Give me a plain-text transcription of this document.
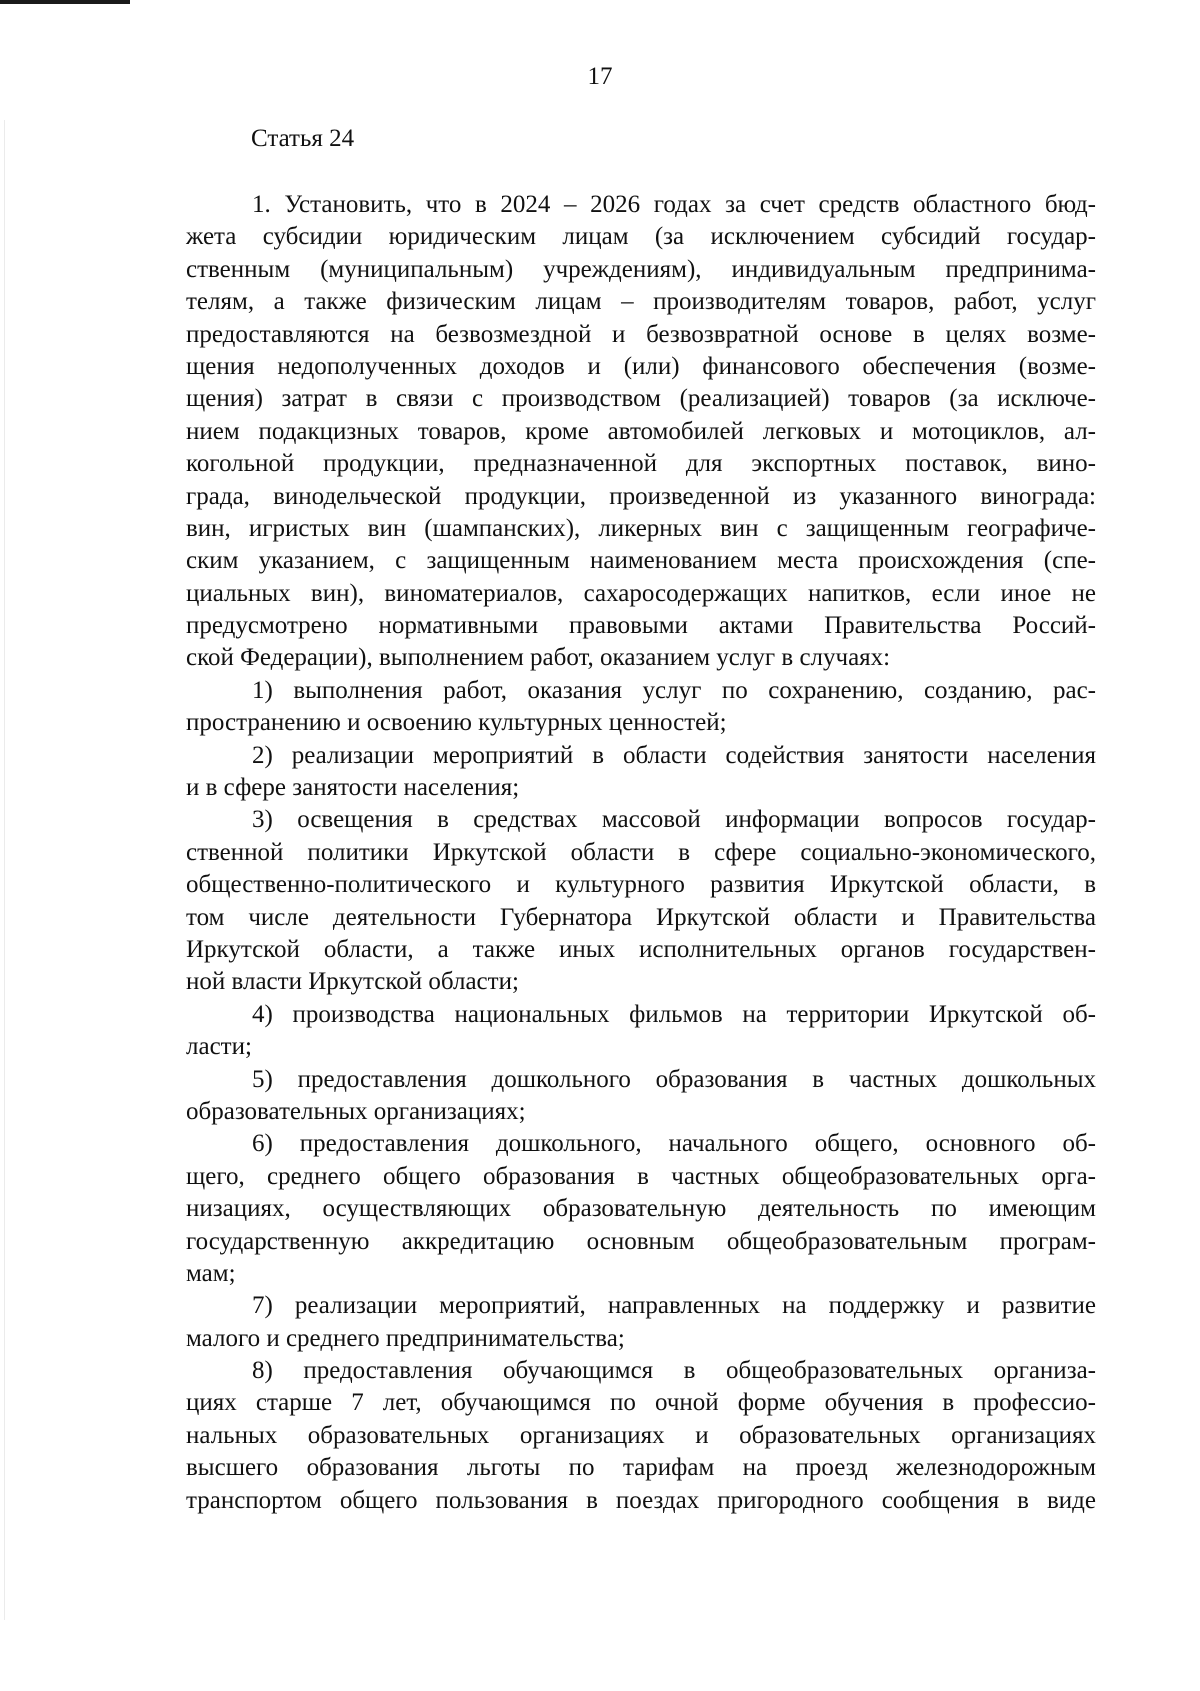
17
Статья 24
1. Установить, что в 2024 – 2026 годах за счет средств областного бюд-
жета субсидии юридическим лицам (за исключением субсидий государ-
ственным (муниципальным) учреждениям), индивидуальным предпринима-
телям, а также физическим лицам – производителям товаров, работ, услуг
предоставляются на безвозмездной и безвозвратной основе в целях возме-
щения недополученных доходов и (или) финансового обеспечения (возме-
щения) затрат в связи с производством (реализацией) товаров (за исключе-
нием подакцизных товаров, кроме автомобилей легковых и мотоциклов, ал-
когольной продукции, предназначенной для экспортных поставок, вино-
града, винодельческой продукции, произведенной из указанного винограда:
вин, игристых вин (шампанских), ликерных вин с защищенным географиче-
ским указанием, с защищенным наименованием места происхождения (спе-
циальных вин), виноматериалов, сахаросодержащих напитков, если иное не
предусмотрено нормативными правовыми актами Правительства Россий-
ской Федерации), выполнением работ, оказанием услуг в случаях:
1) выполнения работ, оказания услуг по сохранению, созданию, рас-
пространению и освоению культурных ценностей;
2) реализации мероприятий в области содействия занятости населения
и в сфере занятости населения;
3) освещения в средствах массовой информации вопросов государ-
ственной политики Иркутской области в сфере социально-экономического,
общественно-политического и культурного развития Иркутской области, в
том числе деятельности Губернатора Иркутской области и Правительства
Иркутской области, а также иных исполнительных органов государствен-
ной власти Иркутской области;
4) производства национальных фильмов на территории Иркутской об-
ласти;
5) предоставления дошкольного образования в частных дошкольных
образовательных организациях;
6) предоставления дошкольного, начального общего, основного об-
щего, среднего общего образования в частных общеобразовательных орга-
низациях, осуществляющих образовательную деятельность по имеющим
государственную аккредитацию основным общеобразовательным програм-
мам;
7) реализации мероприятий, направленных на поддержку и развитие
малого и среднего предпринимательства;
8) предоставления обучающимся в общеобразовательных организа-
циях старше 7 лет, обучающимся по очной форме обучения в профессио-
нальных образовательных организациях и образовательных организациях
высшего образования льготы по тарифам на проезд железнодорожным
транспортом общего пользования в поездах пригородного сообщения в виде
